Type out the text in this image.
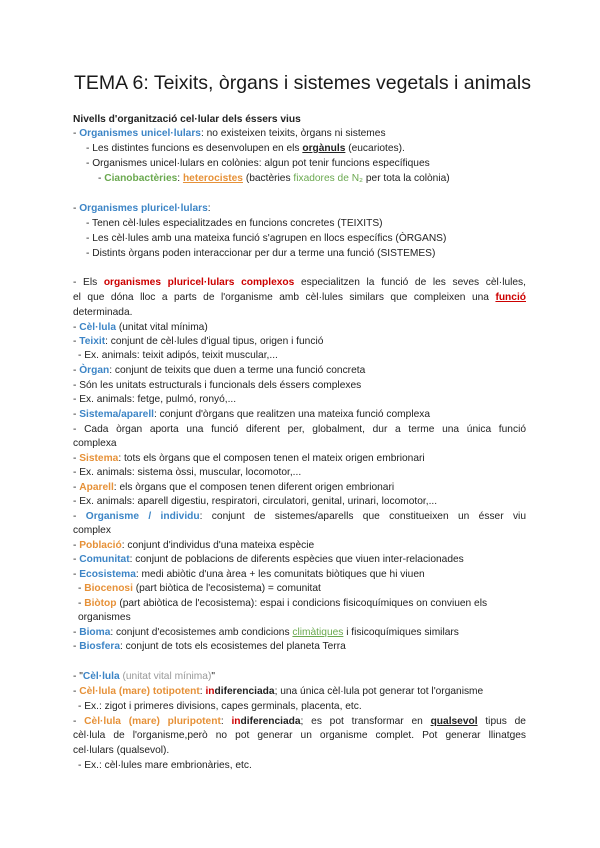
TEMA 6: Teixits, òrgans i sistemes vegetals i animals
Nivells d'organització cel·lular dels éssers vius
- Organismes unicel·lulars: no existeixen teixits, òrgans ni sistemes
- Les distintes funcions es desenvolupen en els orgànuls (eucariotes).
- Organismes unicel·lulars en colònies: algun pot tenir funcions específiques
- Cianobactèries: heterocistes (bactèries fixadores de N₂ per tota la colònia)
- Organismes pluricel·lulars:
- Tenen cèl·lules especialitzades en funcions concretes (TEIXITS)
- Les cèl·lules amb una mateixa funció s'agrupen en llocs específics (ÒRGANS)
- Distints òrgans poden interaccionar per dur a terme una funció (SISTEMES)
- Els organismes pluricel·lulars complexos especialitzen la funció de les seves cèl·lules,
el que dóna lloc a parts de l'organisme amb cèl·lules similars que compleixen una funció
determinada.
- Cèl·lula (unitat vital mínima)
- Teixit: conjunt de cèl·lules d'igual tipus, origen i funció
- Ex. animals: teixit adipós, teixit muscular,...
- Òrgan: conjunt de teixits que duen a terme una funció concreta
- Són les unitats estructurals i funcionals dels éssers complexes
- Ex. animals: fetge, pulmó, ronyó,...
- Sistema/aparell: conjunt d'òrgans que realitzen una mateixa funció complexa
- Cada òrgan aporta una funció diferent per, globalment, dur a terme una única funció
complexa
- Sistema: tots els òrgans que el composen tenen el mateix origen embrionari
- Ex. animals: sistema òssi, muscular, locomotor,...
- Aparell: els òrgans que el composen tenen diferent origen embrionari
- Ex. animals: aparell digestiu, respiratori, circulatori, genital, urinari, locomotor,...
- Organisme / individu: conjunt de sistemes/aparells que constitueixen un ésser viu
complex
- Població: conjunt d'individus d'una mateixa espècie
- Comunitat: conjunt de poblacions de diferents espècies que viuen inter-relacionades
- Ecosistema: medi abiòtic d'una àrea + les comunitats biòtiques que hi viuen
- Biocenosi (part biòtica de l'ecosistema) = comunitat
- Biòtop (part abiòtica de l'ecosistema): espai i condicions fisicoquímiques on conviuen els
organismes
- Bioma: conjunt d'ecosistemes amb condicions climàtiques i fisicoquímiques similars
- Biosfera: conjunt de tots els ecosistemes del planeta Terra
- "Cèl·lula (unitat vital mínima)"
- Cèl·lula (mare) totipotent: indiferenciada; una única cèl·lula pot generar tot l'organisme
- Ex.: zigot i primeres divisions, capes germinals, placenta, etc.
- Cèl·lula (mare) pluripotent: indiferenciada; es pot transformar en qualsevol tipus de
cèl·lula de l'organisme,però no pot generar un organisme complet. Pot generar llinatges
cel·lulars (qualsevol).
- Ex.: cèl·lules mare embrionàries, etc.
